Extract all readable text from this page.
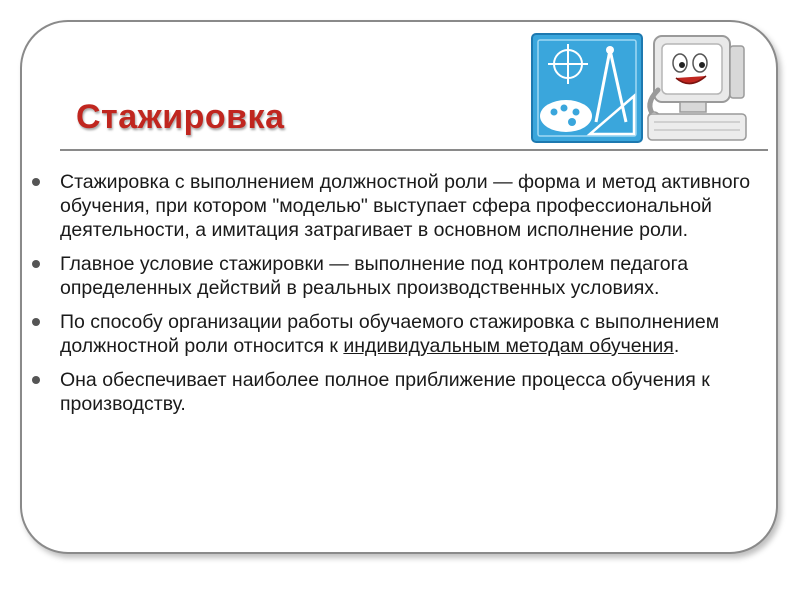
Стажировка
Стажировка с выполнением должностной роли — форма и метод активного обучения, при котором "моделью" выступает сфера профессиональной деятельности, а имитация затрагивает в основном исполнение роли.
Главное условие стажировки — выполнение под контролем педагога определенных действий в реальных производственных условиях.
По способу организации работы обучаемого стажировка с выполнением должностной роли относится к индивидуальным методам обучения.
Она обеспечивает наиболее полное приближение процесса обучения к производству.
